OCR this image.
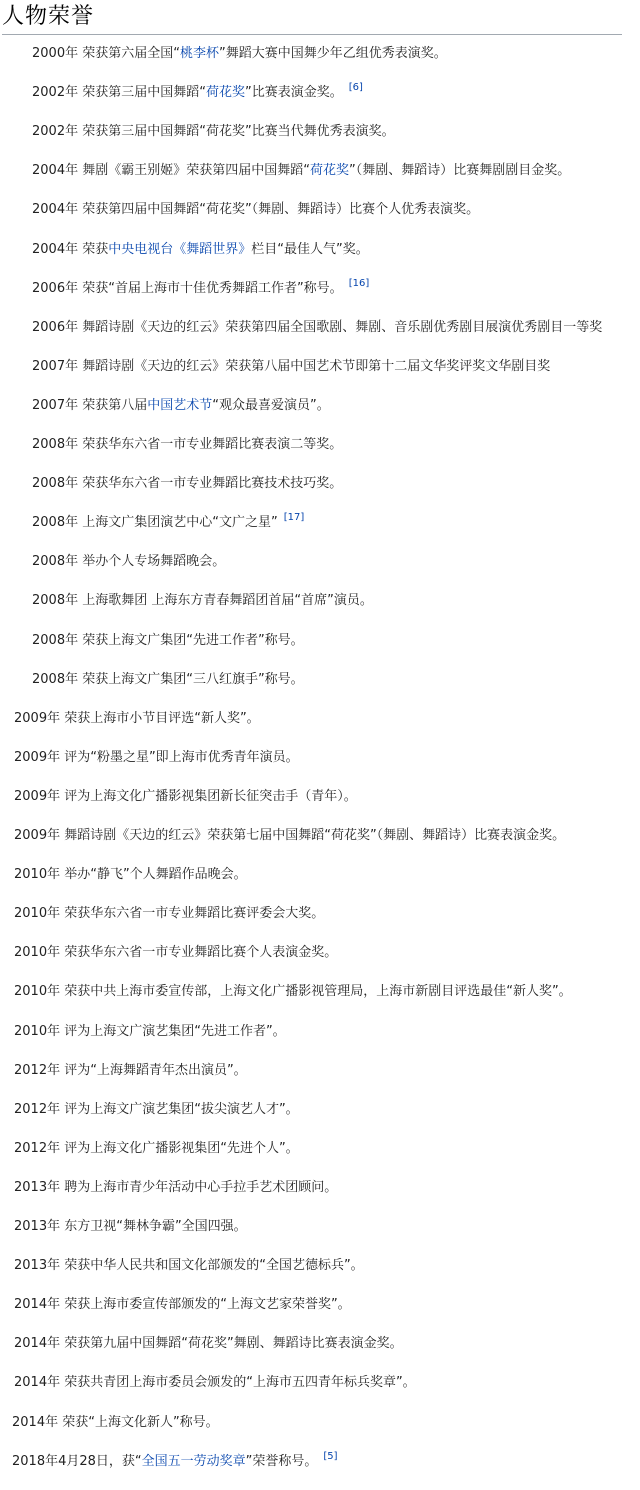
人物荣誉
2000年 荣获第六届全国“桃李杯”舞蹈大赛中国舞少年乙组优秀表演奖。
2002年 荣获第三届中国舞蹈“荷花奖”比赛表演金奖。 [6]
2002年 荣获第三届中国舞蹈“荷花奖”比赛当代舞优秀表演奖。
2004年 舞剧《霸王别姬》荣获第四届中国舞蹈“荷花奖”（舞剧、舞蹈诗）比赛舞剧剧目金奖。
2004年 荣获第四届中国舞蹈“荷花奖”（舞剧、舞蹈诗）比赛个人优秀表演奖。
2004年 荣获中央电视台《舞蹈世界》栏目“最佳人气”奖。
2006年 荣获“首届上海市十佳优秀舞蹈工作者”称号。 [16]
2006年 舞蹈诗剧《天边的红云》荣获第四届全国歌剧、舞剧、音乐剧优秀剧目展演优秀剧目一等奖
2007年 舞蹈诗剧《天边的红云》荣获第八届中国艺术节即第十二届文华奖评奖文华剧目奖
2007年 荣获第八届中国艺术节“观众最喜爱演员”。
2008年 荣获华东六省一市专业舞蹈比赛表演二等奖。
2008年 荣获华东六省一市专业舞蹈比赛技术技巧奖。
2008年 上海文广集团演艺中心“文广之星” [17]
2008年 举办个人专场舞蹈晚会。
2008年 上海歌舞团 上海东方青春舞蹈团首届“首席”演员。
2008年 荣获上海文广集团“先进工作者”称号。
2008年 荣获上海文广集团“三八红旗手”称号。
2009年 荣获上海市小节目评选“新人奖”。
2009年 评为“粉墨之星”即上海市优秀青年演员。
2009年 评为上海文化广播影视集团新长征突击手（青年）。
2009年 舞蹈诗剧《天边的红云》荣获第七届中国舞蹈“荷花奖”（舞剧、舞蹈诗）比赛表演金奖。
2010年 举办“静飞”个人舞蹈作品晚会。
2010年 荣获华东六省一市专业舞蹈比赛评委会大奖。
2010年 荣获华东六省一市专业舞蹈比赛个人表演金奖。
2010年 荣获中共上海市委宣传部，上海文化广播影视管理局，上海市新剧目评选最佳“新人奖”。
2010年 评为上海文广演艺集团“先进工作者”。
2012年 评为“上海舞蹈青年杰出演员”。
2012年 评为上海文广演艺集团“拔尖演艺人才”。
2012年 评为上海文化广播影视集团“先进个人”。
2013年 聘为上海市青少年活动中心手拉手艺术团顾问。
2013年 东方卫视“舞林争霸”全国四强。
2013年 荣获中华人民共和国文化部颁发的“全国艺德标兵”。
2014年 荣获上海市委宣传部颁发的“上海文艺家荣誉奖”。
2014年 荣获第九届中国舞蹈“荷花奖”舞剧、舞蹈诗比赛表演金奖。
2014年 荣获共青团上海市委员会颁发的“上海市五四青年标兵奖章”。
2014年 荣获“上海文化新人”称号。
2018年4月28日，获“全国五一劳动奖章”荣誉称号。 [5]
